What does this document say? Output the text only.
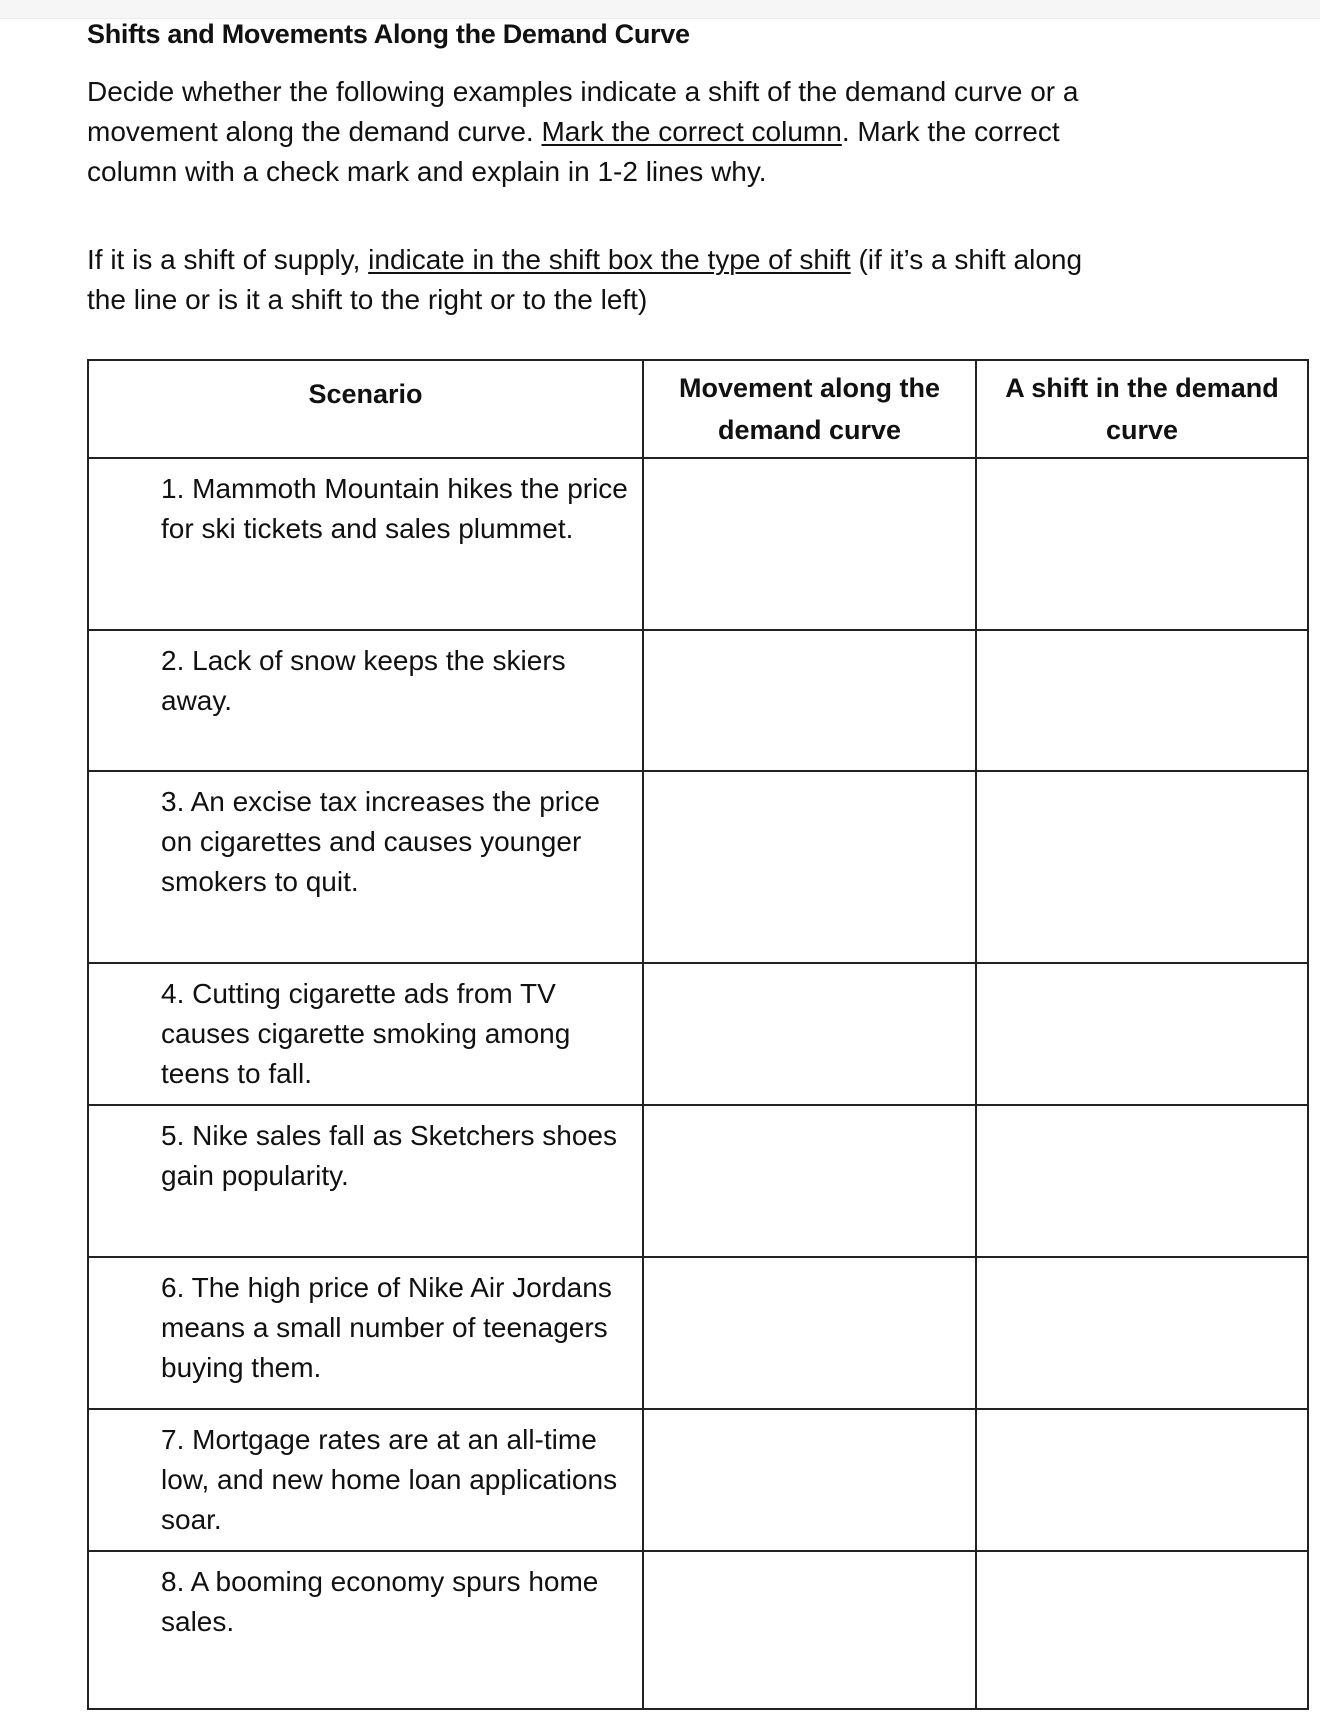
Shifts and Movements Along the Demand Curve

Decide whether the following examples indicate a shift of the demand curve or a movement along the demand curve. Mark the correct column. Mark the correct column with a check mark and explain in 1-2 lines why.

If it is a shift of supply, indicate in the shift box the type of shift (if it’s a shift along the line or is it a shift to the right or to the left)

Scenario	Movement along the demand curve	A shift in the demand curve
1. Mammoth Mountain hikes the price for ski tickets and sales plummet.		
2. Lack of snow keeps the skiers away.		
3. An excise tax increases the price on cigarettes and causes younger smokers to quit.		
4. Cutting cigarette ads from TV causes cigarette smoking among teens to fall.		
5. Nike sales fall as Sketchers shoes gain popularity.		
6. The high price of Nike Air Jordans means a small number of teenagers buying them.		
7. Mortgage rates are at an all-time low, and new home loan applications soar.		
8. A booming economy spurs home sales.		
